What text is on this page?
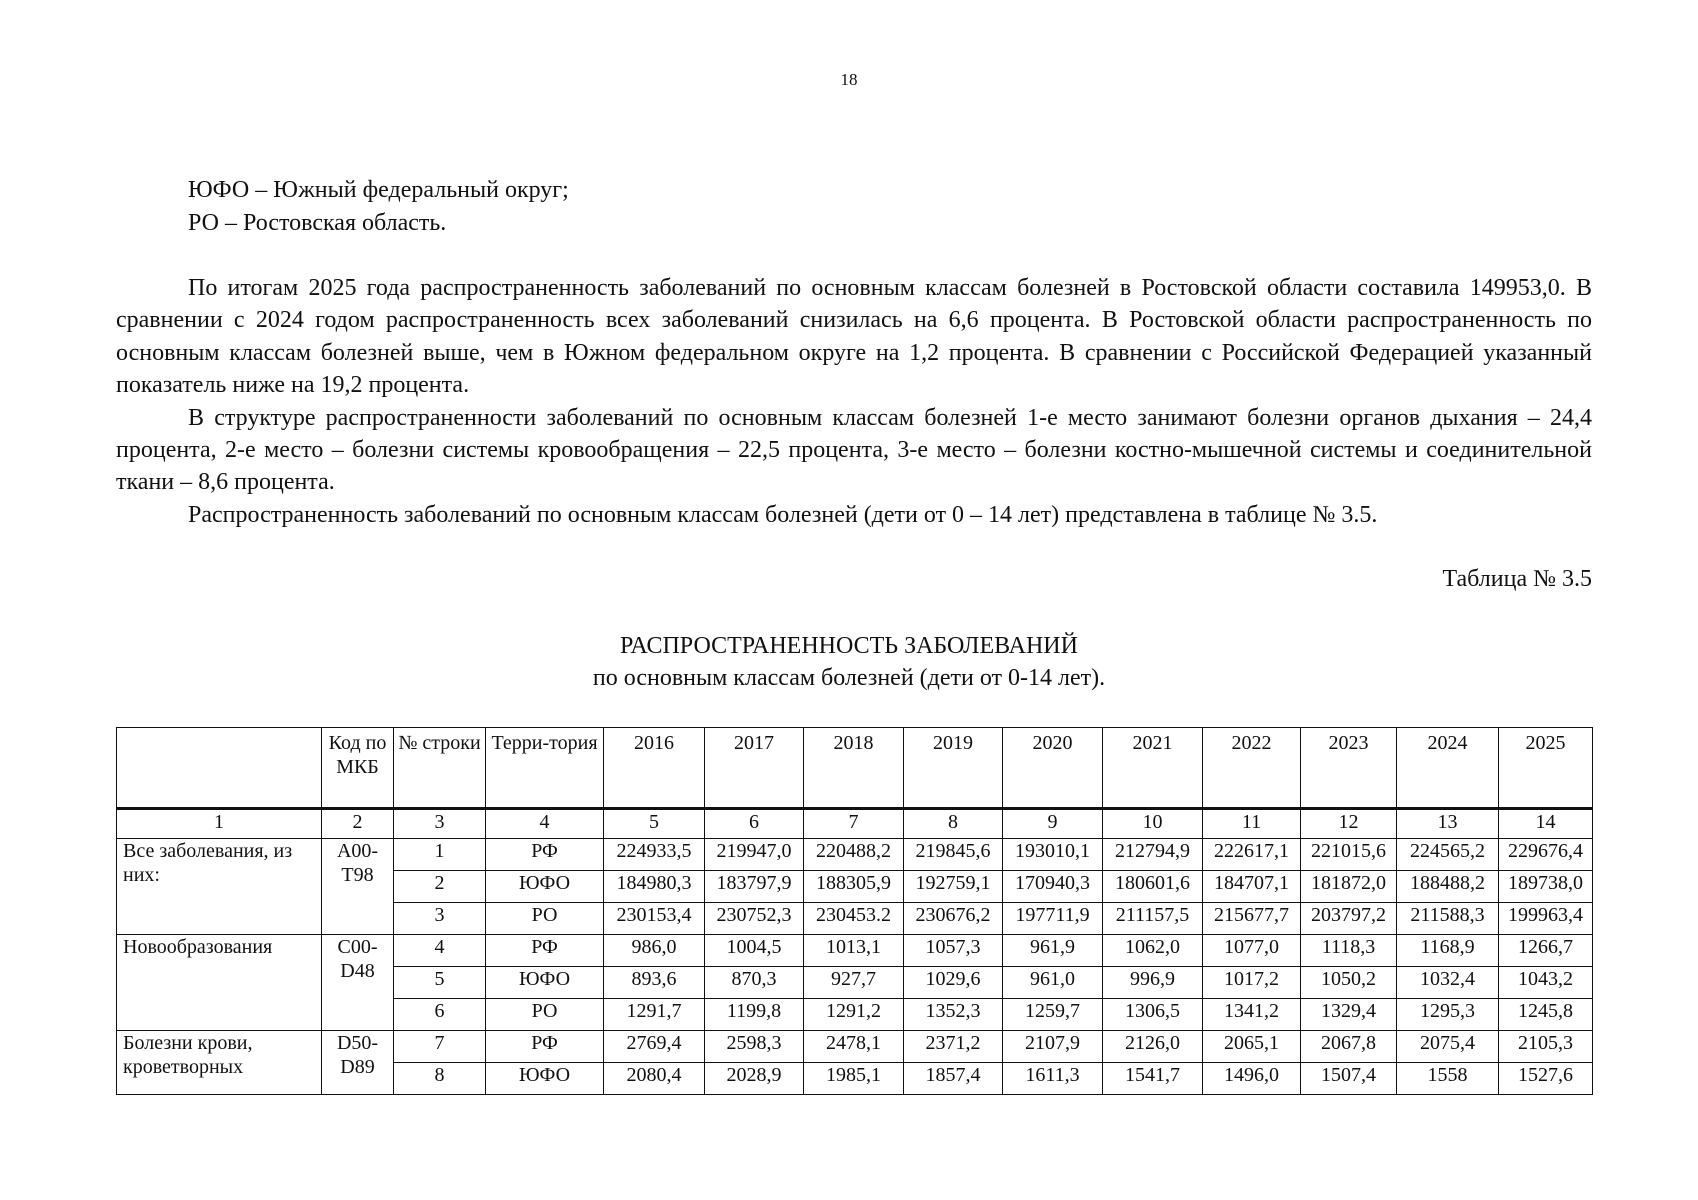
18
ЮФО – Южный федеральный округ;
РО – Ростовская область.

По итогам 2025 года распространенность заболеваний по основным классам болезней в Ростовской области составила 149953,0. В сравнении с 2024 годом распространенность всех заболеваний снизилась на 6,6 процента. В Ростовской области распространенность по основным классам болезней выше, чем в Южном федеральном округе на 1,2 процента. В сравнении с Российской Федерацией указанный показатель ниже на 19,2 процента.

В структуре распространенности заболеваний по основным классам болезней 1-е место занимают болезни органов дыхания – 24,4 процента, 2-е место – болезни системы кровообращения – 22,5 процента, 3-е место – болезни костно-мышечной системы и соединительной ткани – 8,6 процента.

Распространенность заболеваний по основным классам болезней (дети от 0 – 14 лет) представлена в таблице № 3.5.

Таблица № 3.5
РАСПРОСТРАНЕННОСТЬ ЗАБОЛЕВАНИЙ
по основным классам болезней (дети от 0-14 лет).
	Код по МКБ	№ строки	Терри-тория	2016	2017	2018	2019	2020	2021	2022	2023	2024	2025
1	2	3	4	5	6	7	8	9	10	11	12	13	14
Все заболевания, из них:	A00-T98	1	РФ	224933,5	219947,0	220488,2	219845,6	193010,1	212794,9	222617,1	221015,6	224565,2	229676,4
		2	ЮФО	184980,3	183797,9	188305,9	192759,1	170940,3	180601,6	184707,1	181872,0	188488,2	189738,0
		3	РО	230153,4	230752,3	230453.2	230676,2	197711,9	211157,5	215677,7	203797,2	211588,3	199963,4
Новообразования	C00-D48	4	РФ	986,0	1004,5	1013,1	1057,3	961,9	1062,0	1077,0	1118,3	1168,9	1266,7
		5	ЮФО	893,6	870,3	927,7	1029,6	961,0	996,9	1017,2	1050,2	1032,4	1043,2
		6	РО	1291,7	1199,8	1291,2	1352,3	1259,7	1306,5	1341,2	1329,4	1295,3	1245,8
Болезни крови, кроветворных	D50-D89	7	РФ	2769,4	2598,3	2478,1	2371,2	2107,9	2126,0	2065,1	2067,8	2075,4	2105,3
		8	ЮФО	2080,4	2028,9	1985,1	1857,4	1611,3	1541,7	1496,0	1507,4	1558	1527,6
